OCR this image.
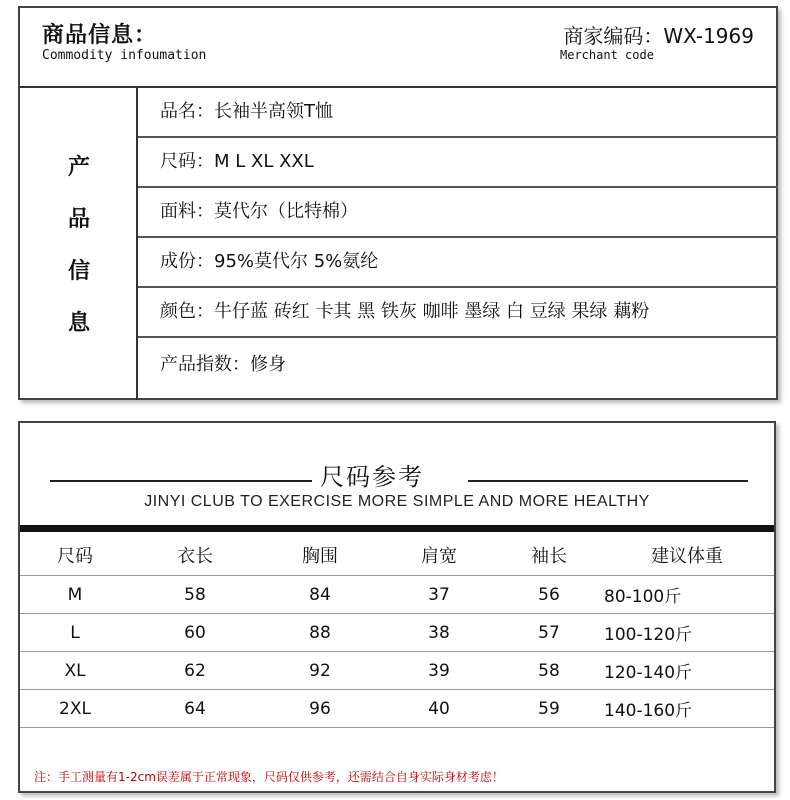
商品信息：
Commodity infoumation
商家编码：WX-1969
Merchant code
产
品
信
息
品名：长袖半高领T恤
尺码：M L XL XXL
面料：莫代尔（比特棉）
成份：95%莫代尔 5%氨纶
颜色：牛仔蓝 砖红 卡其 黑 铁灰 咖啡 墨绿 白 豆绿 果绿 藕粉
产品指数：修身
尺码参考
JINYI CLUB TO EXERCISE MORE SIMPLE AND MORE HEALTHY
尺码	衣长	胸围	肩宽	袖长	建议体重
M	58	84	37	56	80-100斤
L	60	88	38	57	100-120斤
XL	62	92	39	58	120-140斤
2XL	64	96	40	59	140-160斤
注：手工测量有1-2cm误差属于正常现象，尺码仅供参考，还需结合自身实际身材考虑！
